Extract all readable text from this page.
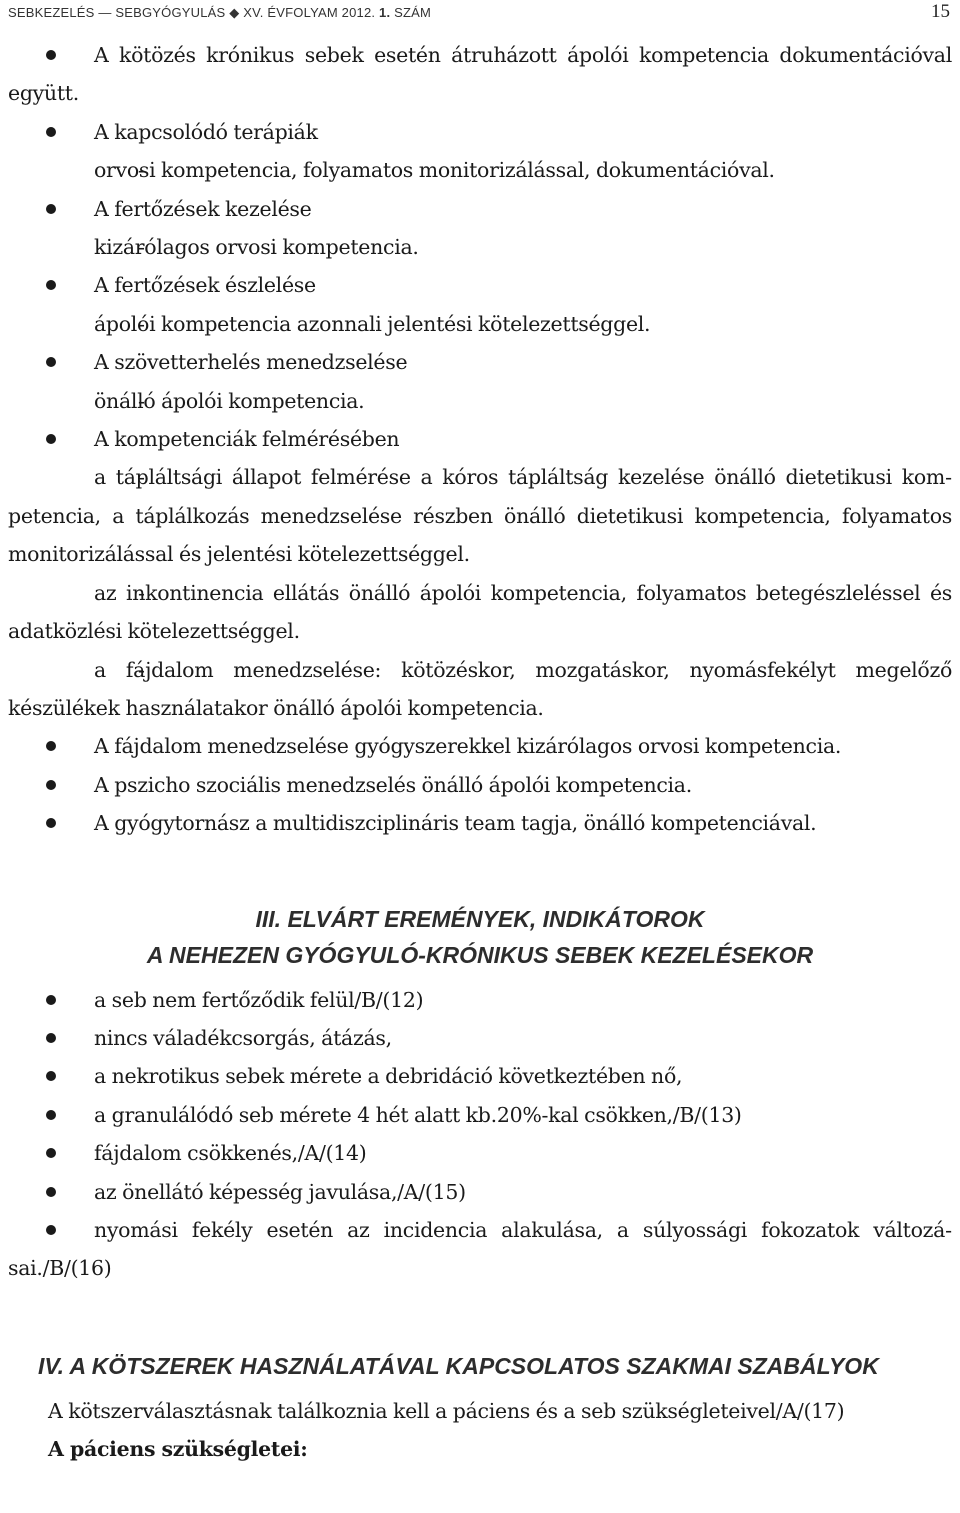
SEBKEZELÉS — SEBGYÓGYULÁS ◆ XV. ÉVFOLYAM 2012. 1. SZÁM	15

A kötözés krónikus sebek esetén átruházott ápolói kompetencia dokumentációval együtt.

A kapcsolódó terápiák

- orvosi kompetencia, folyamatos monitorizálással, dokumentációval.

A fertőzések kezelése

- kizárólagos orvosi kompetencia.

A fertőzések észlelése

- ápolói kompetencia azonnali jelentési kötelezettséggel.

A szövetterhelés menedzselése

- önálló ápolói kompetencia.

A kompetenciák felmérésében

- a tápláltsági állapot felmérése a kóros tápláltság kezelése önálló dietetikusi kompetencia, a táplálkozás menedzselése részben önálló dietetikusi kompetencia, folyamatos monitorizálással és jelentési kötelezettséggel.

- az inkontinencia ellátás önálló ápolói kompetencia, folyamatos betegészleléssel és adatközlési kötelezettséggel.

- a fájdalom menedzselése: kötözéskor, mozgatáskor, nyomásfekélyt megelőző készülékek használatakor önálló ápolói kompetencia.

A fájdalom menedzselése gyógyszerekkel kizárólagos orvosi kompetencia.

A pszicho szociális menedzselés önálló ápolói kompetencia.

A gyógytornász a multidiszciplináris team tagja, önálló kompetenciával.

III. ELVÁRT EREMÉNYEK, INDIKÁTOROK
A NEHEZEN GYÓGYULÓ-KRÓNIKUS SEBEK KEZELÉSEKOR

a seb nem fertőződik felül/B/(12)

nincs váladékcsorgás, átázás,

a nekrotikus sebek mérete a debridáció következtében nő,

a granulálódó seb mérete 4 hét alatt kb.20%-kal csökken,/B/(13)

fájdalom csökkenés,/A/(14)

az önellátó képesség javulása,/A/(15)

nyomási fekély esetén az incidencia alakulása, a súlyossági fokozatok változásai./B/(16)

IV. A KÖTSZEREK HASZNÁLATÁVAL KAPCSOLATOS SZAKMAI SZABÁLYOK

A kötszerválasztásnak találkoznia kell a páciens és a seb szükségleteivel/A/(17)

A páciens szükségletei:
